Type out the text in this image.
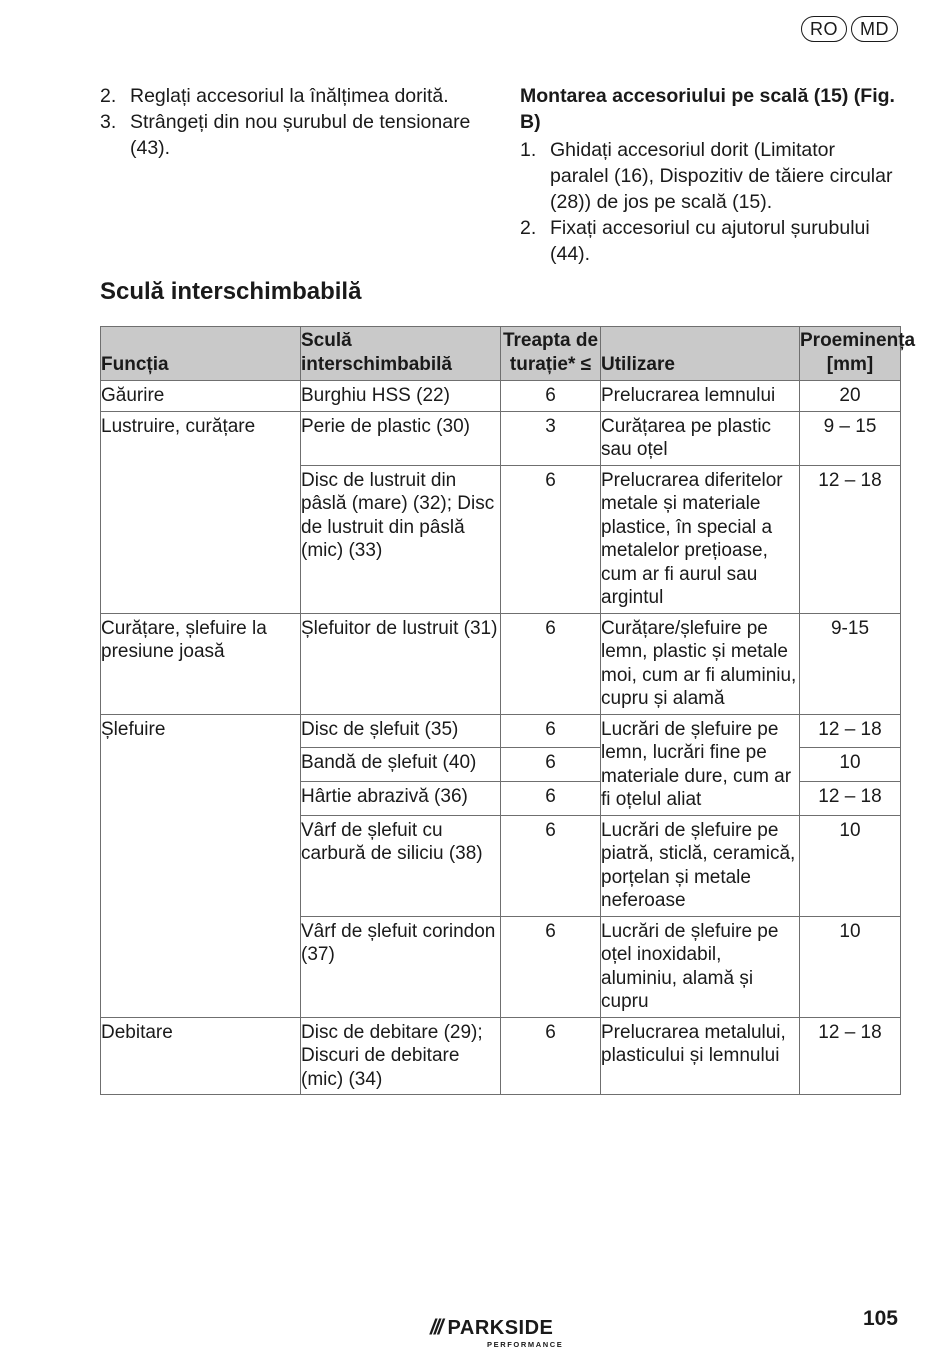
RO	MD

2. Reglați accesoriul la înălțimea dorită.

3. Strângeți din nou șurubul de tensionare (43).

Montarea accesoriului pe scală (15) (Fig. B)

1. Ghidați accesoriul dorit (Limitator paralel (16), Dispozitiv de tăiere circular (28)) de jos pe scală (15).

2. Fixați accesoriul cu ajutorul șurubului (44).

Sculă interschimbabilă
Funcția	Sculă interschimbabilă	Treapta de turație* ≤	Utilizare	Proeminența [mm]
Găurire	Burghiu HSS (22)	6	Prelucrarea lemnului	20
Lustruire, curățare	Perie de plastic (30)	3	Curățarea pe plastic sau oțel	9 – 15
	Disc de lustruit din pâslă (mare) (32); Disc de lustruit din pâslă (mic) (33)	6	Prelucrarea diferitelor metale și materiale plastice, în special a metalelor prețioase, cum ar fi aurul sau argintul	12 – 18
Curățare, șlefuire la presiune joasă	Șlefuitor de lustruit (31)	6	Curățare/șlefuire pe lemn, plastic și metale moi, cum ar fi aluminiu, cupru și alamă	9-15
Șlefuire	Disc de șlefuit (35)	6	Lucrări de șlefuire pe lemn, lucrări fine pe materiale dure, cum ar fi oțelul aliat	12 – 18
	Bandă de șlefuit (40)	6		10
	Hârtie abrazivă (36)	6		12 – 18
	Vârf de șlefuit cu carbură de siliciu (38)	6	Lucrări de șlefuire pe piatră, sticlă, ceramică, porțelan și metale neferoase	10
	Vârf de șlefuit corindon (37)	6	Lucrări de șlefuire pe oțel inoxidabil, aluminiu, alamă și cupru	10
Debitare	Disc de debitare (29); Discuri de debitare (mic) (34)	6	Prelucrarea metalului, plasticului și lemnului	12 – 18
/// PARKSIDE
PERFORMANCE
105
